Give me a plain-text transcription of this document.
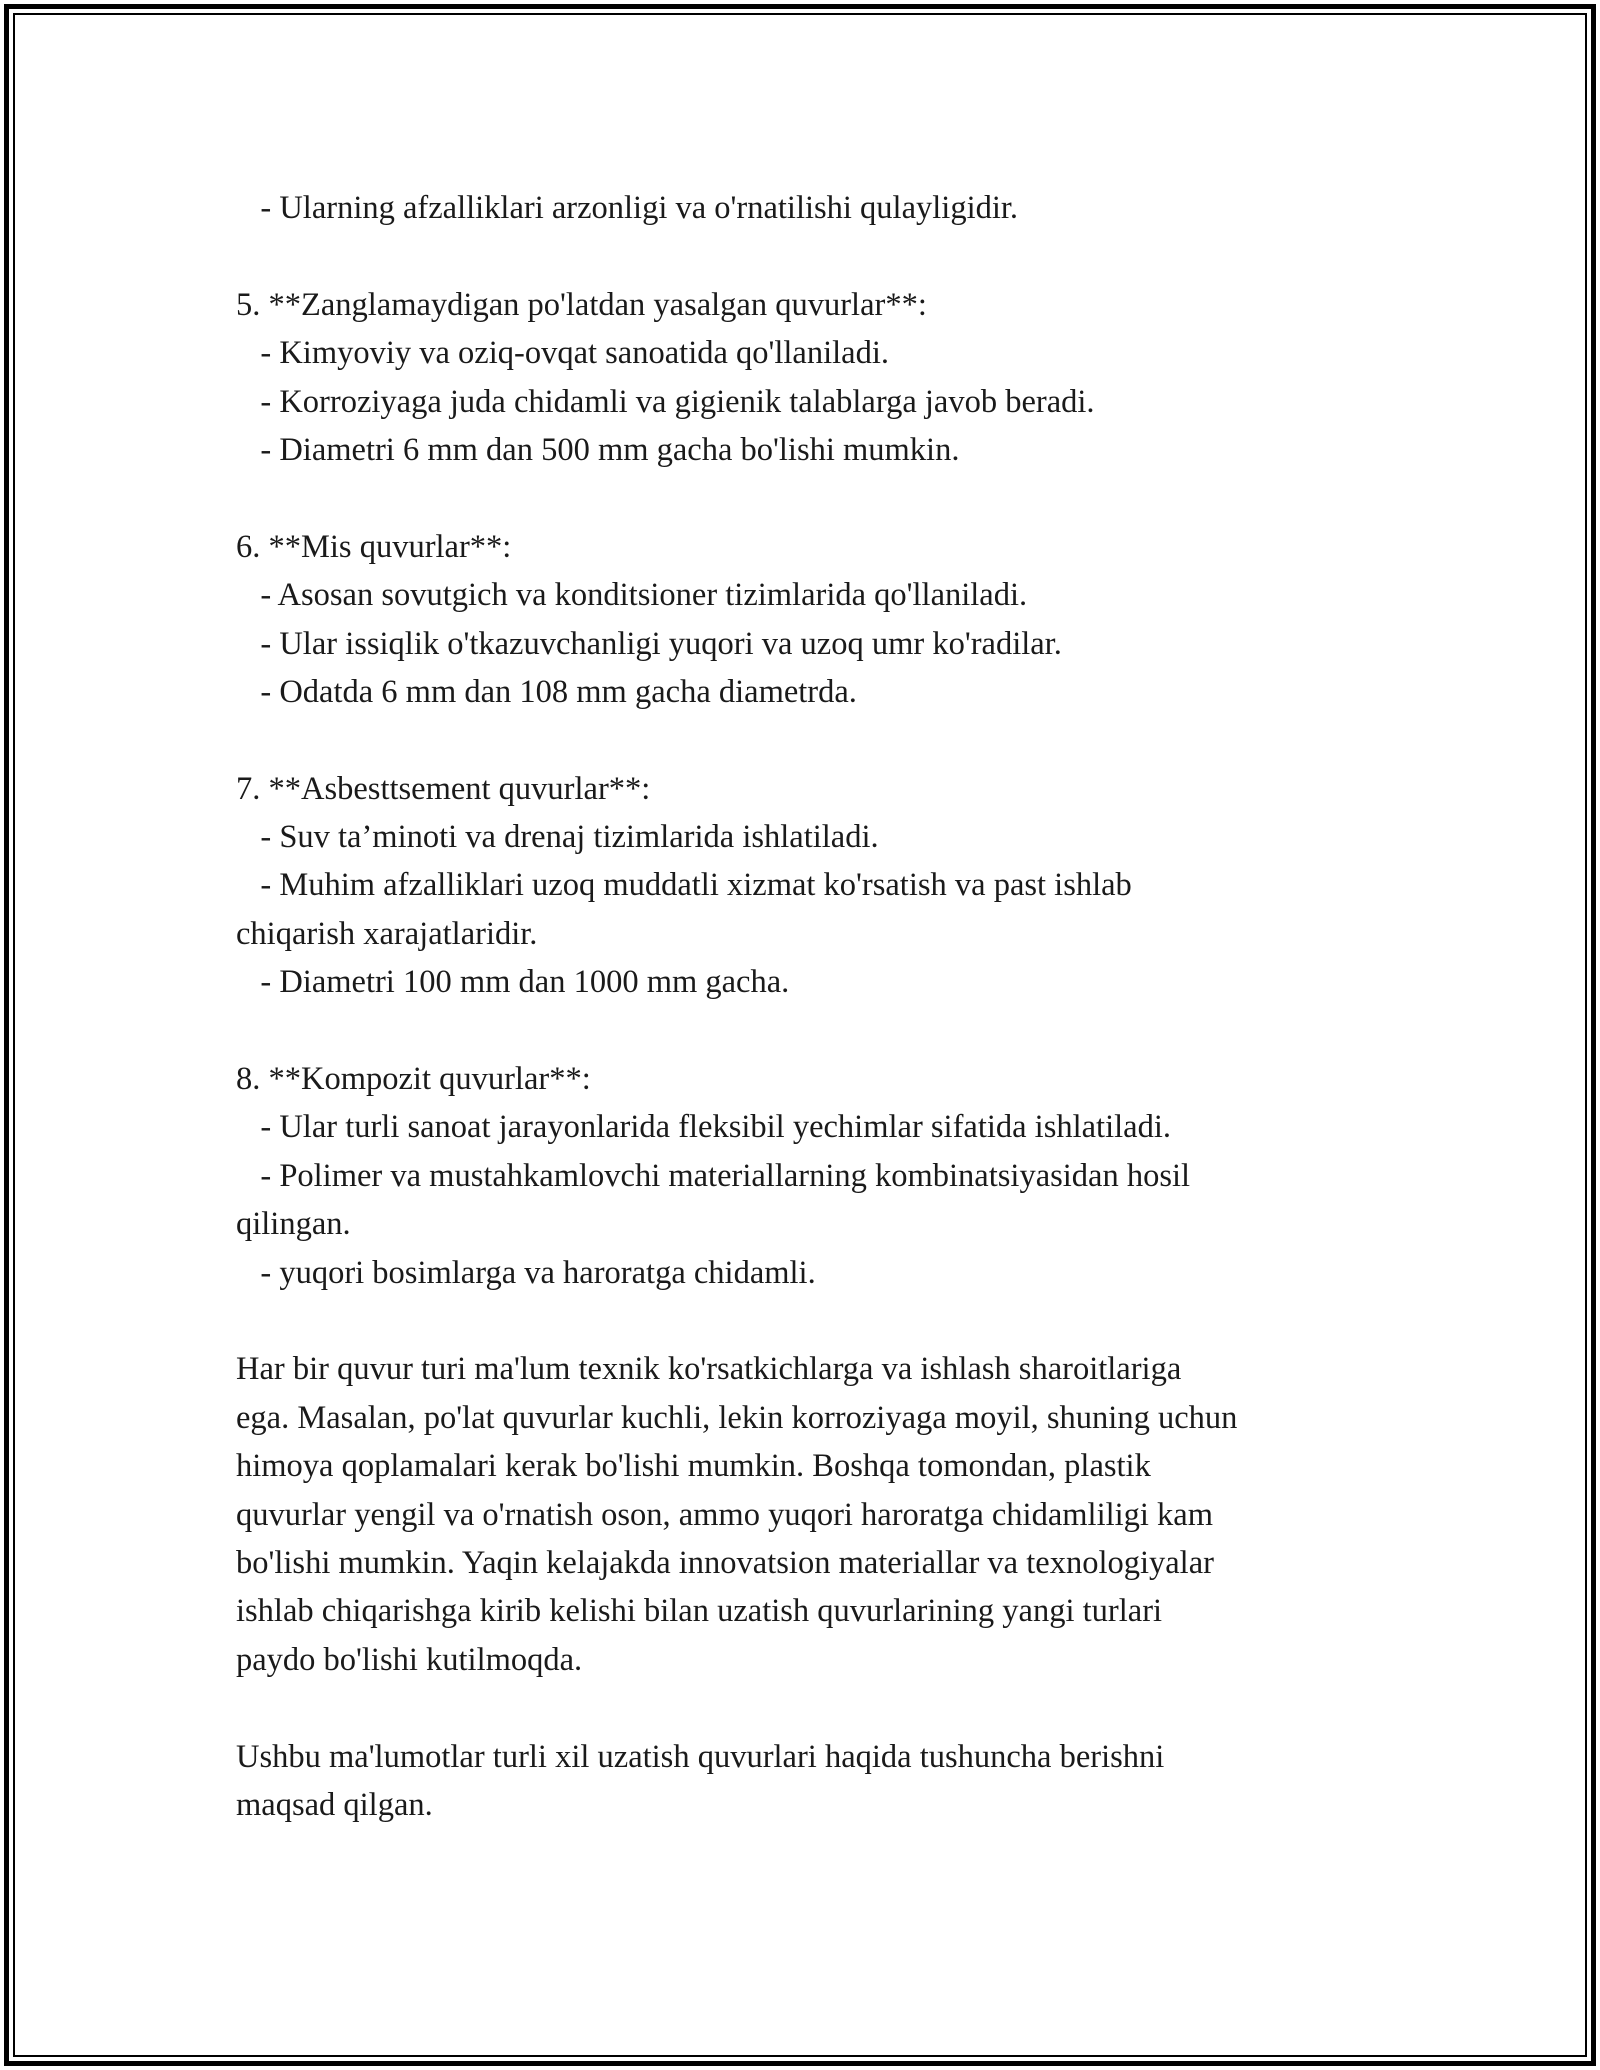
- Ularning afzalliklari arzonligi va o'rnatilishi qulayligidir.
5. **Zanglamaydigan po'latdan yasalgan quvurlar**:
- Kimyoviy va oziq-ovqat sanoatida qo'llaniladi.
- Korroziyaga juda chidamli va gigienik talablarga javob beradi.
- Diametri 6 mm dan 500 mm gacha bo'lishi mumkin.
6. **Mis quvurlar**:
- Asosan sovutgich va konditsioner tizimlarida qo'llaniladi.
- Ular issiqlik o'tkazuvchanligi yuqori va uzoq umr ko'radilar.
- Odatda 6 mm dan 108 mm gacha diametrda.
7. **Asbesttsement quvurlar**:
- Suv ta’minoti va drenaj tizimlarida ishlatiladi.
- Muhim afzalliklari uzoq muddatli xizmat ko'rsatish va past ishlab
chiqarish xarajatlaridir.
- Diametri 100 mm dan 1000 mm gacha.
8. **Kompozit quvurlar**:
- Ular turli sanoat jarayonlarida fleksibil yechimlar sifatida ishlatiladi.
- Polimer va mustahkamlovchi materiallarning kombinatsiyasidan hosil
qilingan.
- yuqori bosimlarga va haroratga chidamli.
Har bir quvur turi ma'lum texnik ko'rsatkichlarga va ishlash sharoitlariga
ega. Masalan, po'lat quvurlar kuchli, lekin korroziyaga moyil, shuning uchun
himoya qoplamalari kerak bo'lishi mumkin. Boshqa tomondan, plastik
quvurlar yengil va o'rnatish oson, ammo yuqori haroratga chidamliligi kam
bo'lishi mumkin. Yaqin kelajakda innovatsion materiallar va texnologiyalar
ishlab chiqarishga kirib kelishi bilan uzatish quvurlarining yangi turlari
paydo bo'lishi kutilmoqda.
Ushbu ma'lumotlar turli xil uzatish quvurlari haqida tushuncha berishni
maqsad qilgan.
